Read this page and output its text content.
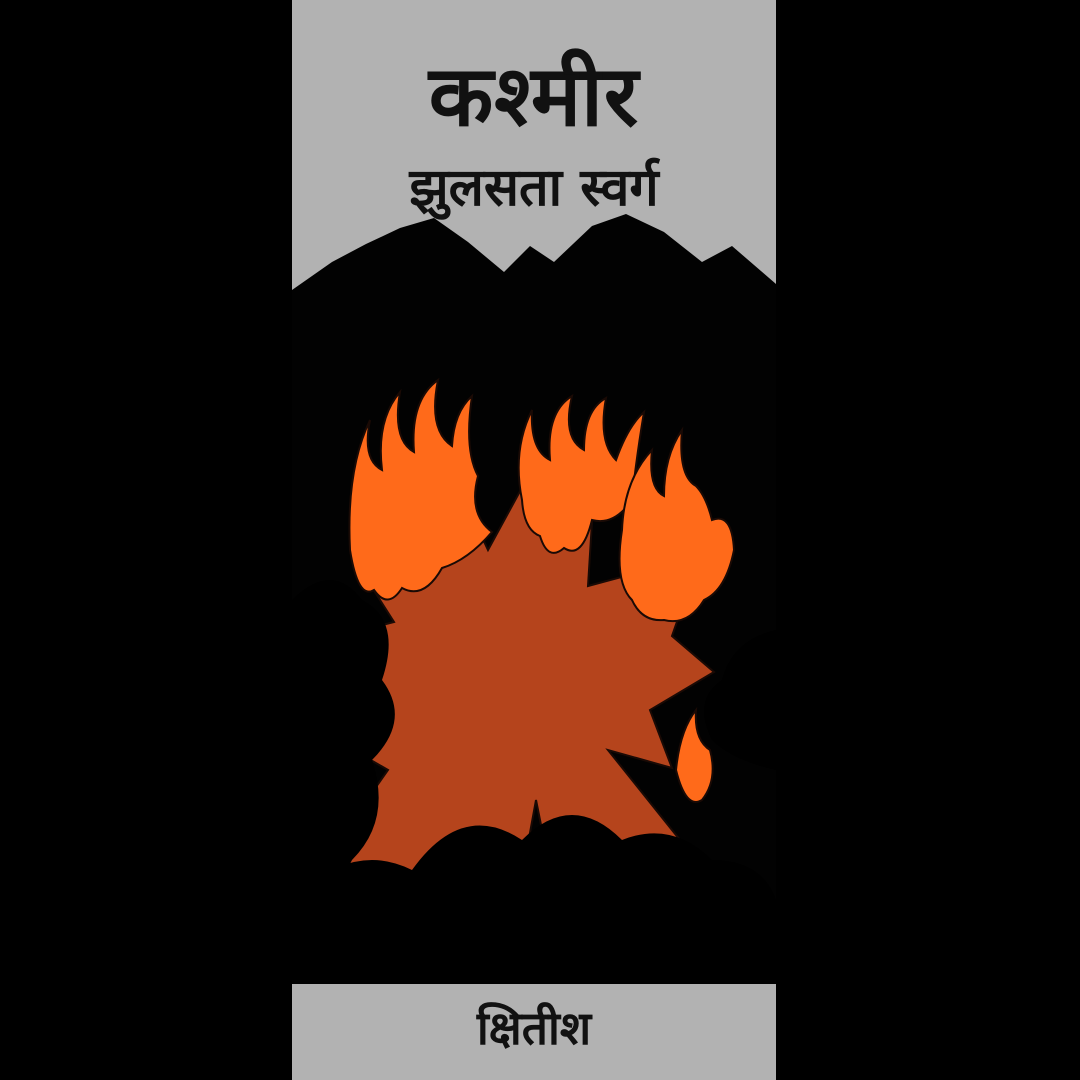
कश्मीर
झुलसता स्वर्ग
क्षितीश
